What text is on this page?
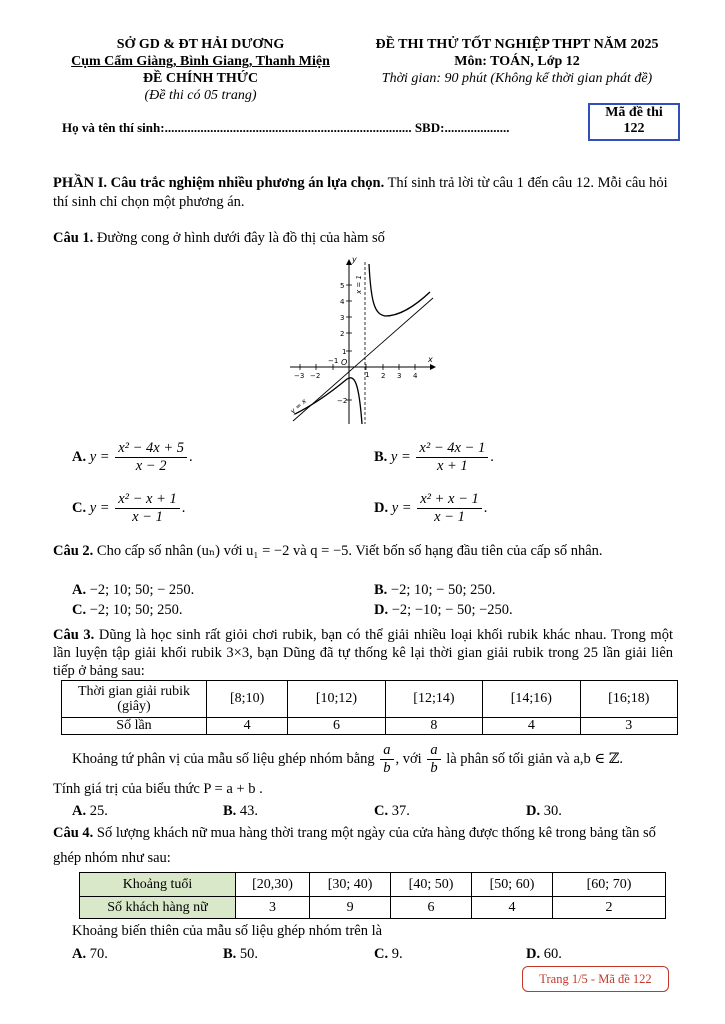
SỞ GD & ĐT HẢI DƯƠNG
Cụm Cẩm Giàng, Bình Giang, Thanh Miện
ĐỀ CHÍNH THỨC
(Đề thi có 05 trang)
ĐỀ THI THỬ TỐT NGHIỆP THPT NĂM 2025
Môn: TOÁN, Lớp 12
Thời gian: 90 phút (Không kể thời gian phát đề)
Mã đề thi
122
Họ và tên thí sinh:............................................................................ SBD:....................

PHẦN I. Câu trắc nghiệm nhiều phương án lựa chọn. Thí sinh trả lời từ câu 1 đến câu 12. Mỗi câu hỏi thí sinh chỉ chọn một phương án.

Câu 1. Đường cong ở hình dưới đây là đồ thị của hàm số

x
y
O
−3 −2
−1
1 2 3 4
5
4
3
2
1
−2
x = 1
y = x
A. $y = \frac{\text{x² − 4x + 5}}{x - 2}$ .	B. $y = \frac{\text{x² − 4x − 1}}{x + 1}$ .
C. $y = \frac{\text{x² − x + 1}}{x - 1}$ .	D. $y = \frac{\text{x² + x − 1}}{x - 1}$ .

Câu 2. Cho cấp số nhân (uₙ) với u₁ = −2 và q = −5. Viết bốn số hạng đầu tiên của cấp số nhân.

A. −2; 10; 50; − 250.	B. −2; 10; − 50; 250.
C. −2; 10; 50; 250.	D. −2; −10; − 50; −250.

Câu 3. Dũng là học sinh rất giỏi chơi rubik, bạn có thể giải nhiều loại khối rubik khác nhau. Trong một lần luyện tập giải khối rubik 3×3, bạn Dũng đã tự thống kê lại thời gian giải rubik trong 25 lần giải liên tiếp ở bảng sau:

Thời gian giải rubik (giây)	[8;10)	[10;12)	[12;14)	[14;16)	[16;18)
Số lần	4	6	8	4	3
Khoảng tứ phân vị của mẫu số liệu ghép nhóm bằng $\frac{a}{b}$ , với $\frac{a}{b}$ là phân số tối giản và a,b ∈ ℤ.

Tính giá trị của biểu thức P = a + b .

A. 25.	B. 43.	C. 37.	D. 30.

Câu 4. Số lượng khách nữ mua hàng thời trang một ngày của cửa hàng được thống kê trong bảng tần số ghép nhóm như sau:

Khoảng tuổi	[20,30)	[30; 40)	[40; 50)	[50; 60)	[60; 70)
Số khách hàng nữ	3	9	6	4	2

Khoảng biến thiên của mẫu số liệu ghép nhóm trên là

A. 70.	B. 50.	C. 9.	D. 60.
Trang 1/5 - Mã đề 122
